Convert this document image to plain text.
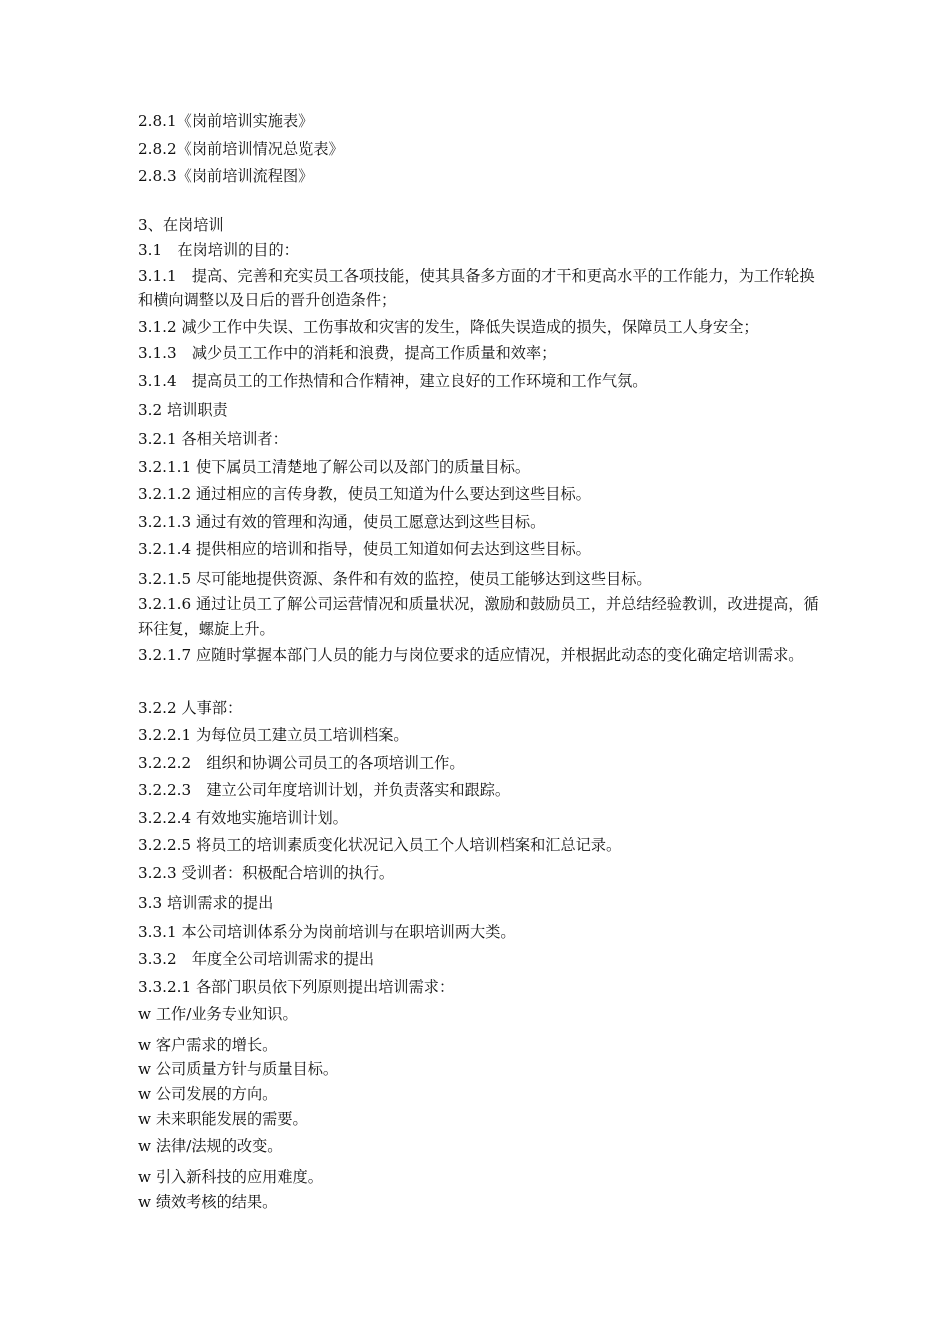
2.8.1《岗前培训实施表》
2.8.2《岗前培训情况总览表》
2.8.3《岗前培训流程图》
3、在岗培训
3.1　在岗培训的目的：
3.1.1　提高、完善和充实员工各项技能，使其具备多方面的才干和更高水平的工作能力，为工作轮换和横向调整以及日后的晋升创造条件；
3.1.2 减少工作中失误、工伤事故和灾害的发生，降低失误造成的损失，保障员工人身安全；
3.1.3　减少员工工作中的消耗和浪费，提高工作质量和效率；
3.1.4　提高员工的工作热情和合作精神，建立良好的工作环境和工作气氛。
3.2 培训职责
3.2.1 各相关培训者：
3.2.1.1 使下属员工清楚地了解公司以及部门的质量目标。
3.2.1.2 通过相应的言传身教，使员工知道为什么要达到这些目标。
3.2.1.3 通过有效的管理和沟通，使员工愿意达到这些目标。
3.2.1.4 提供相应的培训和指导，使员工知道如何去达到这些目标。
3.2.1.5 尽可能地提供资源、条件和有效的监控，使员工能够达到这些目标。
3.2.1.6 通过让员工了解公司运营情况和质量状况，激励和鼓励员工，并总结经验教训，改进提高，循环往复，螺旋上升。
3.2.1.7 应随时掌握本部门人员的能力与岗位要求的适应情况，并根据此动态的变化确定培训需求。
3.2.2 人事部：
3.2.2.1 为每位员工建立员工培训档案。
3.2.2.2　组织和协调公司员工的各项培训工作。
3.2.2.3　建立公司年度培训计划，并负责落实和跟踪。
3.2.2.4 有效地实施培训计划。
3.2.2.5 将员工的培训素质变化状况记入员工个人培训档案和汇总记录。
3.2.3 受训者：积极配合培训的执行。
3.3 培训需求的提出
3.3.1 本公司培训体系分为岗前培训与在职培训两大类。
3.3.2　年度全公司培训需求的提出
3.3.2.1 各部门职员依下列原则提出培训需求：
w 工作/业务专业知识。
w 客户需求的增长。
w 公司质量方针与质量目标。
w 公司发展的方向。
w 未来职能发展的需要。
w 法律/法规的改变。
w 引入新科技的应用难度。
w 绩效考核的结果。
